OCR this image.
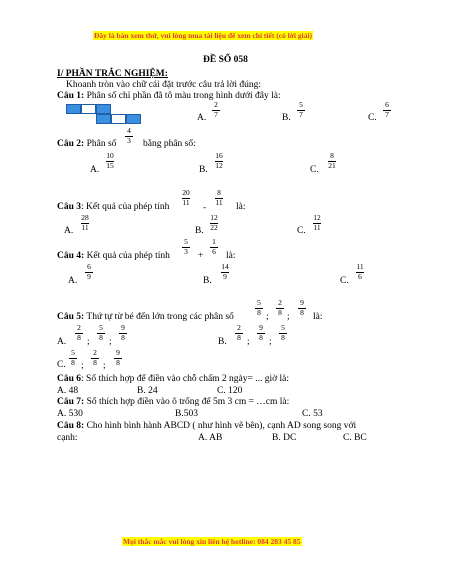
Đây là bản xem thử, vui lòng mua tài liệu để xem chi tiết (có lời giải)
ĐỀ SỐ 058
I/ PHẦN TRẮC NGHIỆM:
Khoanh tròn vào chữ cái đặt trước câu trả lời đúng:
Câu 1: Phân số chỉ phần đã tô màu trong hình dưới đây là:
A.
2
7	B.
5
7	C.
6
7
Câu 2: Phân số
4
3 bằng phân số:
A.
10
15	B.
16
12	C.
8
21
Câu 3: Kết quả của phép tính
20
11
-
8
11 là:
A.
28
11	B.
12
22	C.
12
11
Câu 4: Kết quả của phép tính
5
3 +
1
6 là:
A.
6
9	B.
14
9	C.
11
6
Câu 5: Thứ tự từ bé đến lớn trong các phân số
5
8 ;
2
8 ;
9
8 là:
A.
2
8 ;
5
8 ;
9
8	B.
2
8 ;
9
8 ;
5
8
C.
5
8 ;
2
8 ;
9
8
Câu 6: Số thích hợp để điền vào chỗ chấm 2 ngày= ... giờ là:
A. 48	B. 24	C. 120
Câu 7: Số thích hợp điền vào ô trống để 5m 3 cm = …cm là:
A. 530	B.503	C. 53
Câu 8: Cho hình bình hành ABCD ( như hình vẽ bên), cạnh AD song song với
cạnh:	A. AB	B. DC	C. BC
Mọi thắc mắc vui lòng xin liên hệ hotline: 084 283 45 85
